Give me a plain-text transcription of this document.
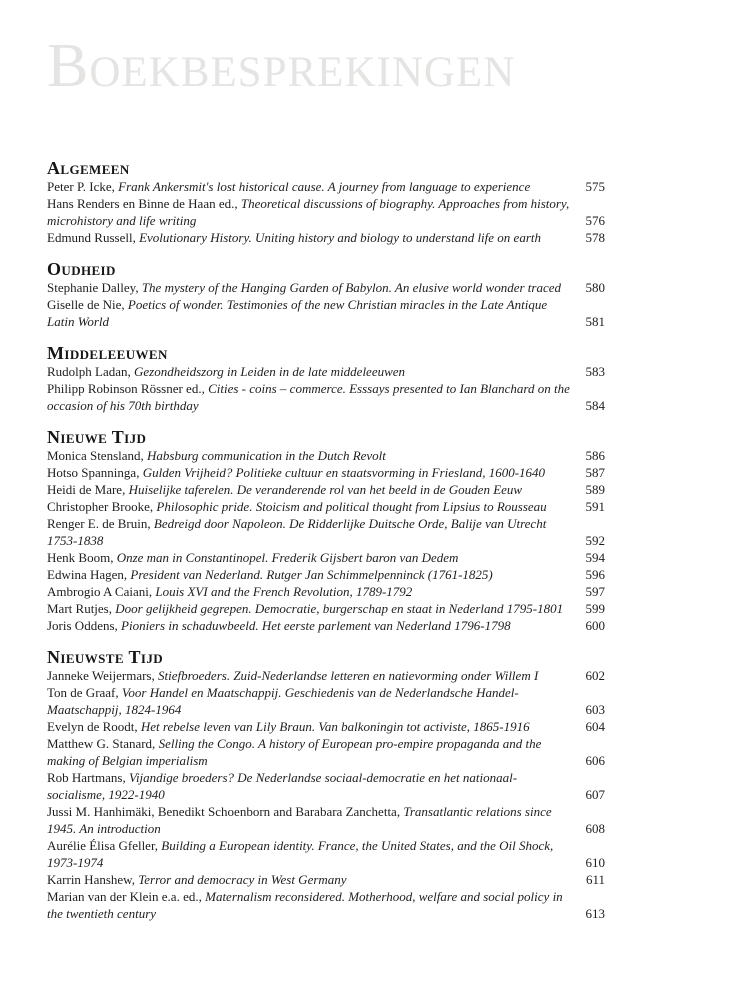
Boekbesprekingen
Algemeen

Peter P. Icke, Frank Ankersmit's lost historical cause. A journey from language to experience	575

Hans Renders en Binne de Haan ed., Theoretical discussions of biography. Approaches from history, microhistory and life writing	576

Edmund Russell, Evolutionary History. Uniting history and biology to understand life on earth	578
Oudheid

Stephanie Dalley, The mystery of the Hanging Garden of Babylon. An elusive world wonder traced	580

Giselle de Nie, Poetics of wonder. Testimonies of the new Christian miracles in the Late Antique Latin World	581
Middeleeuwen

Rudolph Ladan, Gezondheidszorg in Leiden in de late middeleeuwen	583

Philipp Robinson Rössner ed., Cities - coins – commerce. Esssays presented to Ian Blanchard on the occasion of his 70th birthday	584
Nieuwe Tijd

Monica Stensland, Habsburg communication in the Dutch Revolt	586

Hotso Spanninga, Gulden Vrijheid? Politieke cultuur en staatsvorming in Friesland, 1600-1640	587

Heidi de Mare, Huiselijke taferelen. De veranderende rol van het beeld in de Gouden Eeuw	589

Christopher Brooke, Philosophic pride. Stoicism and political thought from Lipsius to Rousseau	591

Renger E. de Bruin, Bedreigd door Napoleon. De Ridderlijke Duitsche Orde, Balije van Utrecht 1753-1838	592

Henk Boom, Onze man in Constantinopel. Frederik Gijsbert baron van Dedem	594

Edwina Hagen, President van Nederland. Rutger Jan Schimmelpenninck (1761-1825)	596

Ambrogio A Caiani, Louis XVI and the French Revolution, 1789-1792	597

Mart Rutjes, Door gelijkheid gegrepen. Democratie, burgerschap en staat in Nederland 1795-1801	599

Joris Oddens, Pioniers in schaduwbeeld. Het eerste parlement van Nederland 1796-1798	600
Nieuwste Tijd

Janneke Weijermars, Stiefbroeders. Zuid-Nederlandse letteren en natievorming onder Willem I	602

Ton de Graaf, Voor Handel en Maatschappij. Geschiedenis van de Nederlandsche Handel-Maatschappij, 1824-1964	603

Evelyn de Roodt, Het rebelse leven van Lily Braun. Van balkoningin tot activiste, 1865-1916	604

Matthew G. Stanard, Selling the Congo. A history of European pro-empire propaganda and the making of Belgian imperialism	606

Rob Hartmans, Vijandige broeders? De Nederlandse sociaal-democratie en het nationaal-socialisme, 1922-1940	607

Jussi M. Hanhimäki, Benedikt Schoenborn and Barabara Zanchetta, Transatlantic relations since 1945. An introduction	608

Aurélie Élisa Gfeller, Building a European identity. France, the United States, and the Oil Shock, 1973-1974	610

Karrin Hanshew, Terror and democracy in West Germany	611

Marian van der Klein e.a. ed., Maternalism reconsidered. Motherhood, welfare and social policy in the twentieth century	613
